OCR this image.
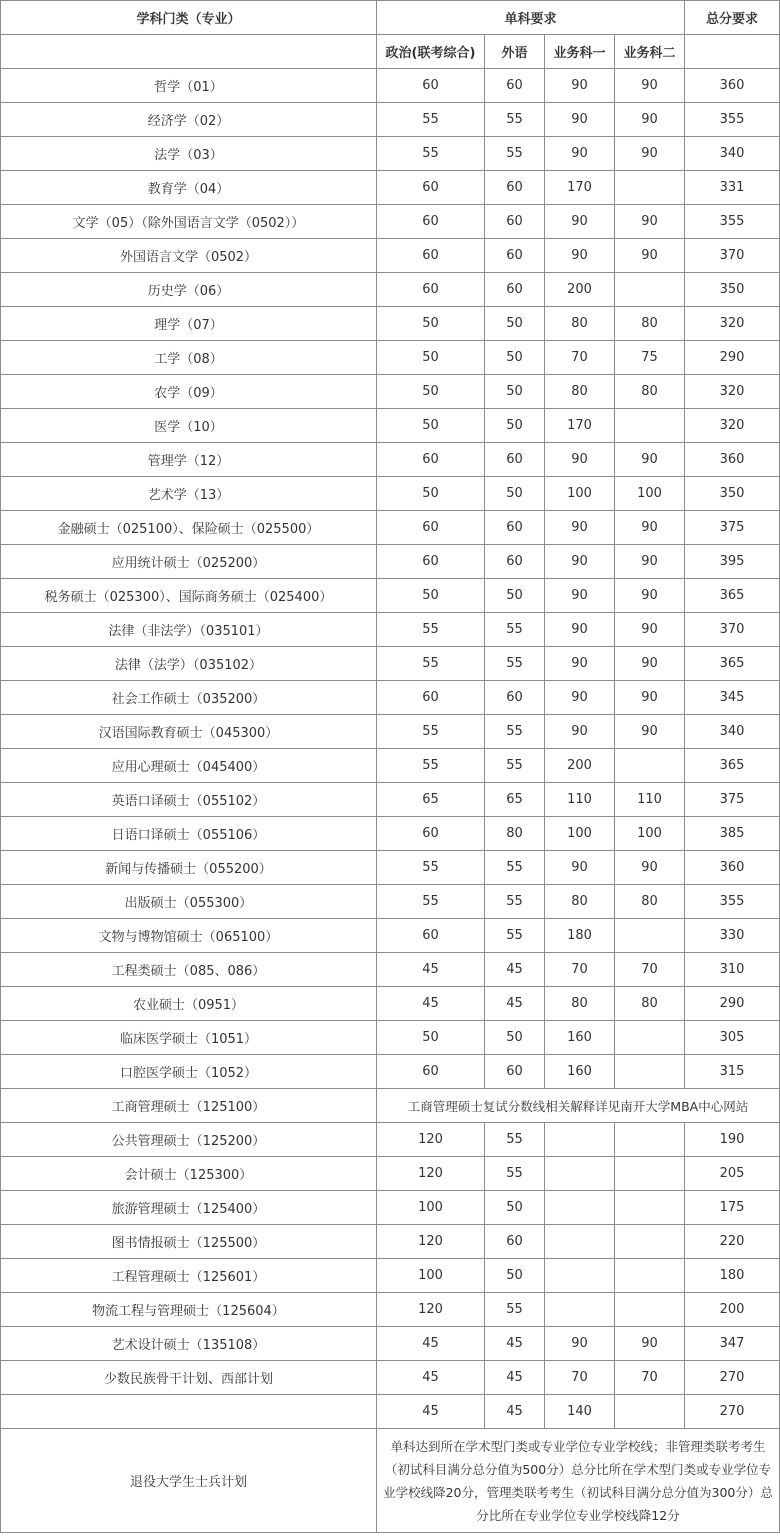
学科门类（专业）	单科要求				总分要求
	政治(联考综合)	外语	业务科一	业务科二	
哲学（01）	60	60	90	90	360
经济学（02）	55	55	90	90	355
法学（03）	55	55	90	90	340
教育学（04）	60	60	170		331
文学（05）（除外国语言文学（0502））	60	60	90	90	355
外国语言文学（0502）	60	60	90	90	370
历史学（06）	60	60	200		350
理学（07）	50	50	80	80	320
工学（08）	50	50	70	75	290
农学（09）	50	50	80	80	320
医学（10）	50	50	170		320
管理学（12）	60	60	90	90	360
艺术学（13）	50	50	100	100	350
金融硕士（025100）、保险硕士（025500）	60	60	90	90	375
应用统计硕士（025200）	60	60	90	90	395
税务硕士（025300）、国际商务硕士（025400）	50	50	90	90	365
法律（非法学）（035101）	55	55	90	90	370
法律（法学）（035102）	55	55	90	90	365
社会工作硕士（035200）	60	60	90	90	345
汉语国际教育硕士（045300）	55	55	90	90	340
应用心理硕士（045400）	55	55	200		365
英语口译硕士（055102）	65	65	110	110	375
日语口译硕士（055106）	60	80	100	100	385
新闻与传播硕士（055200）	55	55	90	90	360
出版硕士（055300）	55	55	80	80	355
文物与博物馆硕士（065100）	60	55	180		330
工程类硕士（085、086）	45	45	70	70	310
农业硕士（0951）	45	45	80	80	290
临床医学硕士（1051）	50	50	160		305
口腔医学硕士（1052）	60	60	160		315
工商管理硕士（125100）	工商管理硕士复试分数线相关解释详见南开大学MBA中心网站				
公共管理硕士（125200）	120	55			190
会计硕士（125300）	120	55			205
旅游管理硕士（125400）	100	50			175
图书情报硕士（125500）	120	60			220
工程管理硕士（125601）	100	50			180
物流工程与管理硕士（125604）	120	55			200
艺术设计硕士（135108）	45	45	90	90	347
少数民族骨干计划、西部计划	45	45	70	70	270
	45	45	140		270
退役大学生士兵计划	单科达到所在学术型门类或专业学位专业学校线；非管理类联考考生（初试科目满分总分值为500分）总分比所在学术型门类或专业学位专业学校线降20分，管理类联考考生（初试科目满分总分值为300分）总分比所在专业学位专业学校线降12分				
